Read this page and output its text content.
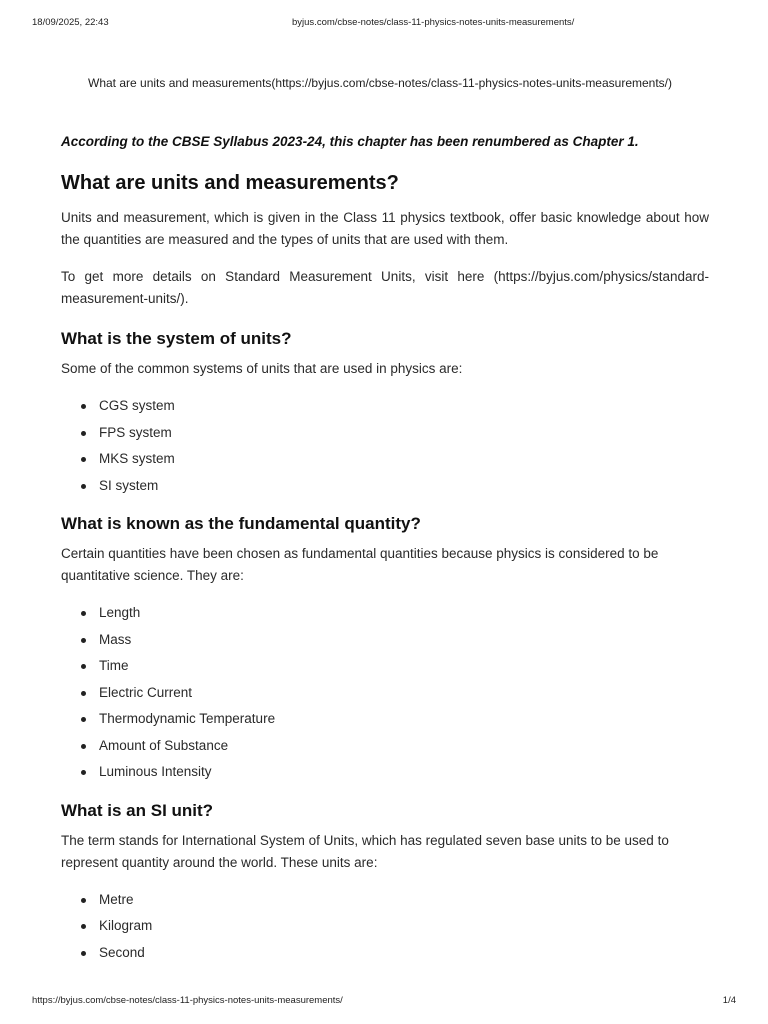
18/09/2025, 22:43	byjus.com/cbse-notes/class-11-physics-notes-units-measurements/
What are units and measurements(https://byjus.com/cbse-notes/class-11-physics-notes-units-measurements/)

According to the CBSE Syllabus 2023-24, this chapter has been renumbered as Chapter 1.

What are units and measurements?

Units and measurement, which is given in the Class 11 physics textbook, offer basic knowledge about how the quantities are measured and the types of units that are used with them.

To get more details on Standard Measurement Units, visit here (https://byjus.com/physics/standard-measurement-units/).

What is the system of units?

Some of the common systems of units that are used in physics are:

CGS system
FPS system
MKS system
SI system
What is known as the fundamental quantity?

Certain quantities have been chosen as fundamental quantities because physics is considered to be quantitative science. They are:

Length
Mass
Time
Electric Current
Thermodynamic Temperature
Amount of Substance
Luminous Intensity
What is an SI unit?

The term stands for International System of Units, which has regulated seven base units to be used to represent quantity around the world. These units are:

Metre
Kilogram
Second
https://byjus.com/cbse-notes/class-11-physics-notes-units-measurements/	1/4
